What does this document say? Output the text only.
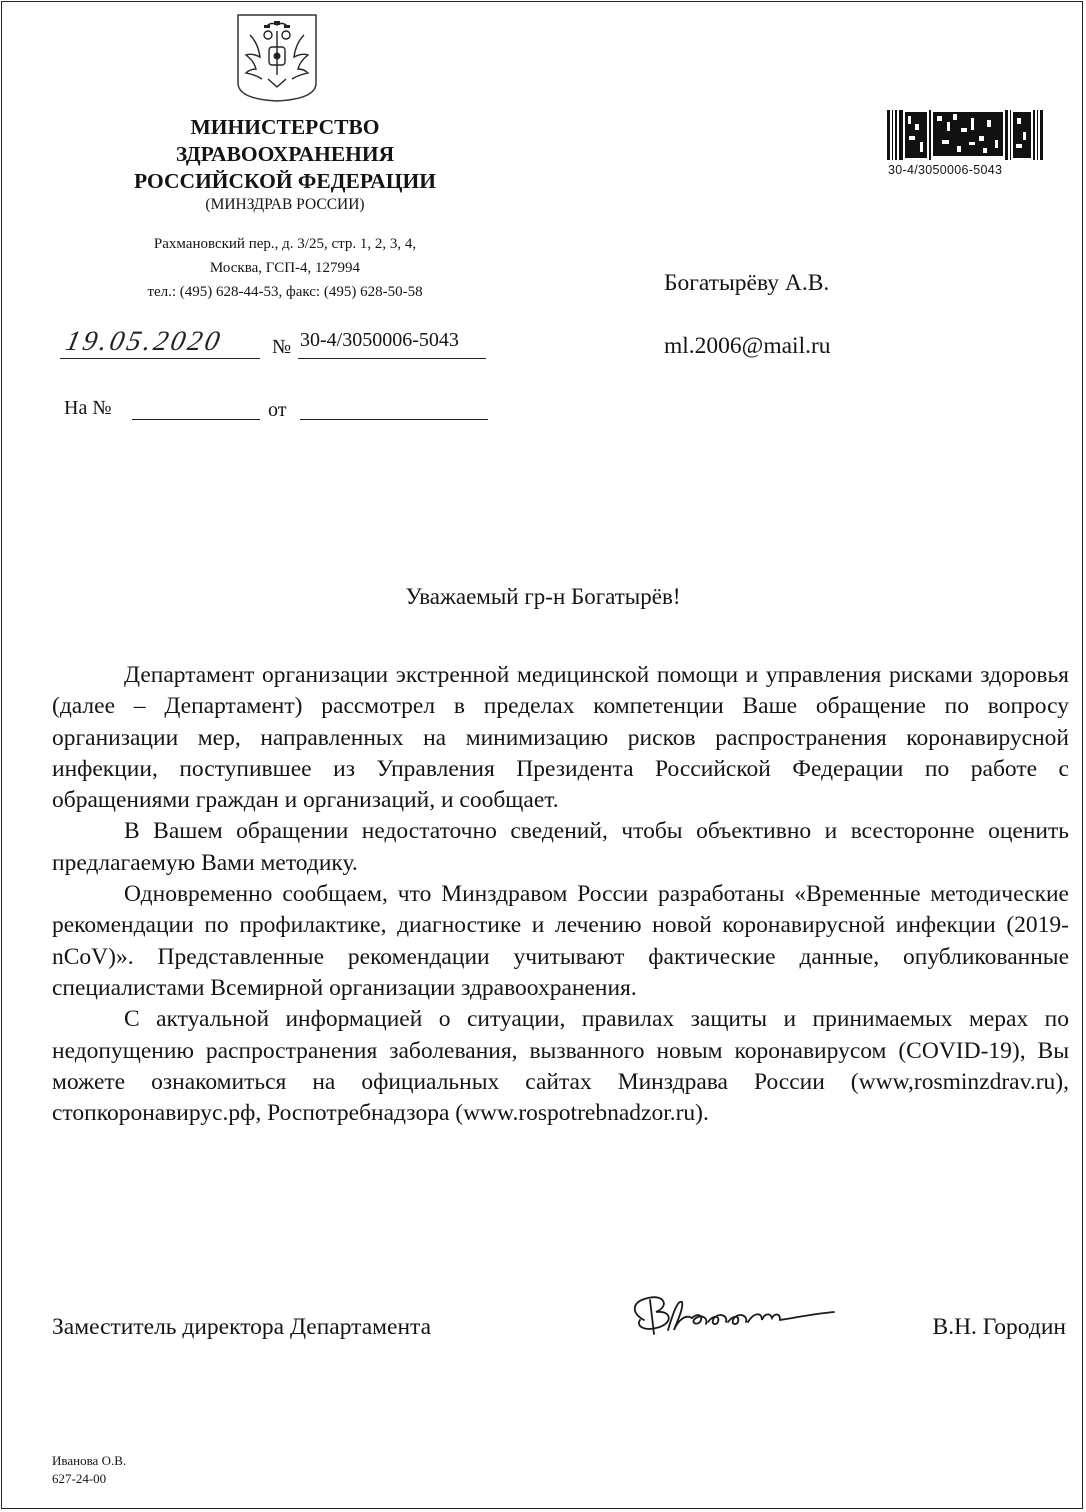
МИНИСТЕРСТВО
ЗДРАВООХРАНЕНИЯ
РОССИЙСКОЙ ФЕДЕРАЦИИ
(МИНЗДРАВ РОССИИ)
Рахмановский пер., д. 3/25, стр. 1, 2, 3, 4,
Москва, ГСП-4, 127994
тел.: (495) 628-44-53, факс: (495) 628-50-58
30-4/3050006-5043
19.05.2020 № 30-4/3050006-5043
На №	от
Богатырёву А.В.
ml.2006@mail.ru
Уважаемый гр-н Богатырёв!

Департамент организации экстренной медицинской помощи и управления рисками здоровья (далее – Департамент) рассмотрел в пределах компетенции Ваше обращение по вопросу организации мер, направленных на минимизацию рисков распространения коронавирусной инфекции, поступившее из Управления Президента Российской Федерации по работе с обращениями граждан и организаций, и сообщает.

В Вашем обращении недостаточно сведений, чтобы объективно и всесторонне оценить предлагаемую Вами методику.

Одновременно сообщаем, что Минздравом России разработаны «Временные методические рекомендации по профилактике, диагностике и лечению новой коронавирусной инфекции (2019-nCoV)». Представленные рекомендации учитывают фактические данные, опубликованные специалистами Всемирной организации здравоохранения.

С актуальной информацией о ситуации, правилах защиты и принимаемых мерах по недопущению распространения заболевания, вызванного новым коронавирусом (COVID-19), Вы можете ознакомиться на официальных сайтах Минздрава России (www,rosminzdrav.ru), стопкоронавирус.рф, Роспотребнадзора (www.rospotrebnadzor.ru).

Заместитель директора Департамента	В.Н. Городин
Иванова О.В.
627-24-00
